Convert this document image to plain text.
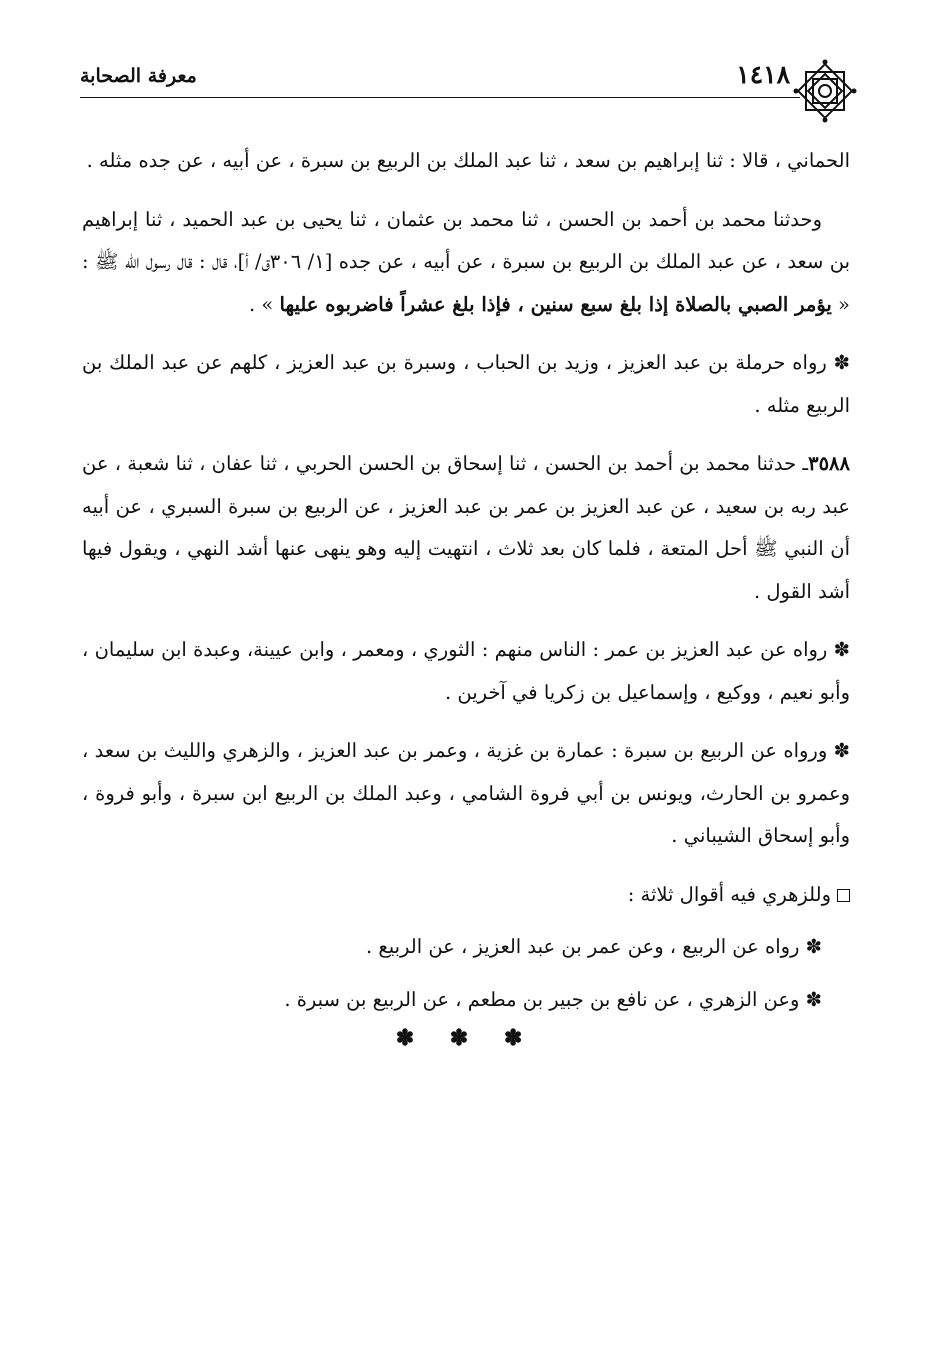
١٤١٨
معرفة الصحابة

الحماني ، قالا : ثنا إبراهيم بن سعد ، ثنا عبد الملك بن الربيع بن سبرة ، عن أبيه ، عن جده مثله .

وحدثنا محمد بن أحمد بن الحسن ، ثنا محمد بن عثمان ، ثنا يحيى بن عبد الحميد ، ثنا إبراهيم بن سعد ، عن عبد الملك بن الربيع بن سبرة ، عن أبيه ، عن جده [١/ ٣٠٦ق/ أ]، قال : قال رسول الله ﷺ : « يؤمر الصبي بالصلاة إذا بلغ سبع سنين ، فإذا بلغ عشراً فاضربوه عليها » .

✽ رواه حرملة بن عبد العزيز ، وزيد بن الحباب ، وسبرة بن عبد العزيز ، كلهم عن عبد الملك بن الربيع مثله .

٣٥٨٨ـ حدثنا محمد بن أحمد بن الحسن ، ثنا إسحاق بن الحسن الحربي ، ثنا عفان ، ثنا شعبة ، عن عبد ربه بن سعيد ، عن عبد العزيز بن عمر بن عبد العزيز ، عن الربيع بن سبرة السبري ، عن أبيه أن النبي ﷺ أحل المتعة ، فلما كان بعد ثلاث ، انتهيت إليه وهو ينهى عنها أشد النهي ، ويقول فيها أشد القول .

✽ رواه عن عبد العزيز بن عمر : الناس منهم : الثوري ، ومعمر ، وابن عيينة، وعبدة ابن سليمان ، وأبو نعيم ، ووكيع ، وإسماعيل بن زكريا في آخرين .

✽ ورواه عن الربيع بن سبرة : عمارة بن غزية ، وعمر بن عبد العزيز ، والزهري والليث بن سعد ، وعمرو بن الحارث، ويونس بن أبي فروة الشامي ، وعبد الملك بن الربيع ابن سبرة ، وأبو فروة ، وأبو إسحاق الشيباني .

وللزهري فيه أقوال ثلاثة :

✽ رواه عن الربيع ، وعن عمر بن عبد العزيز ، عن الربيع .

✽ وعن الزهري ، عن نافع بن جبير بن مطعم ، عن الربيع بن سبرة .

✽ ✽ ✽
